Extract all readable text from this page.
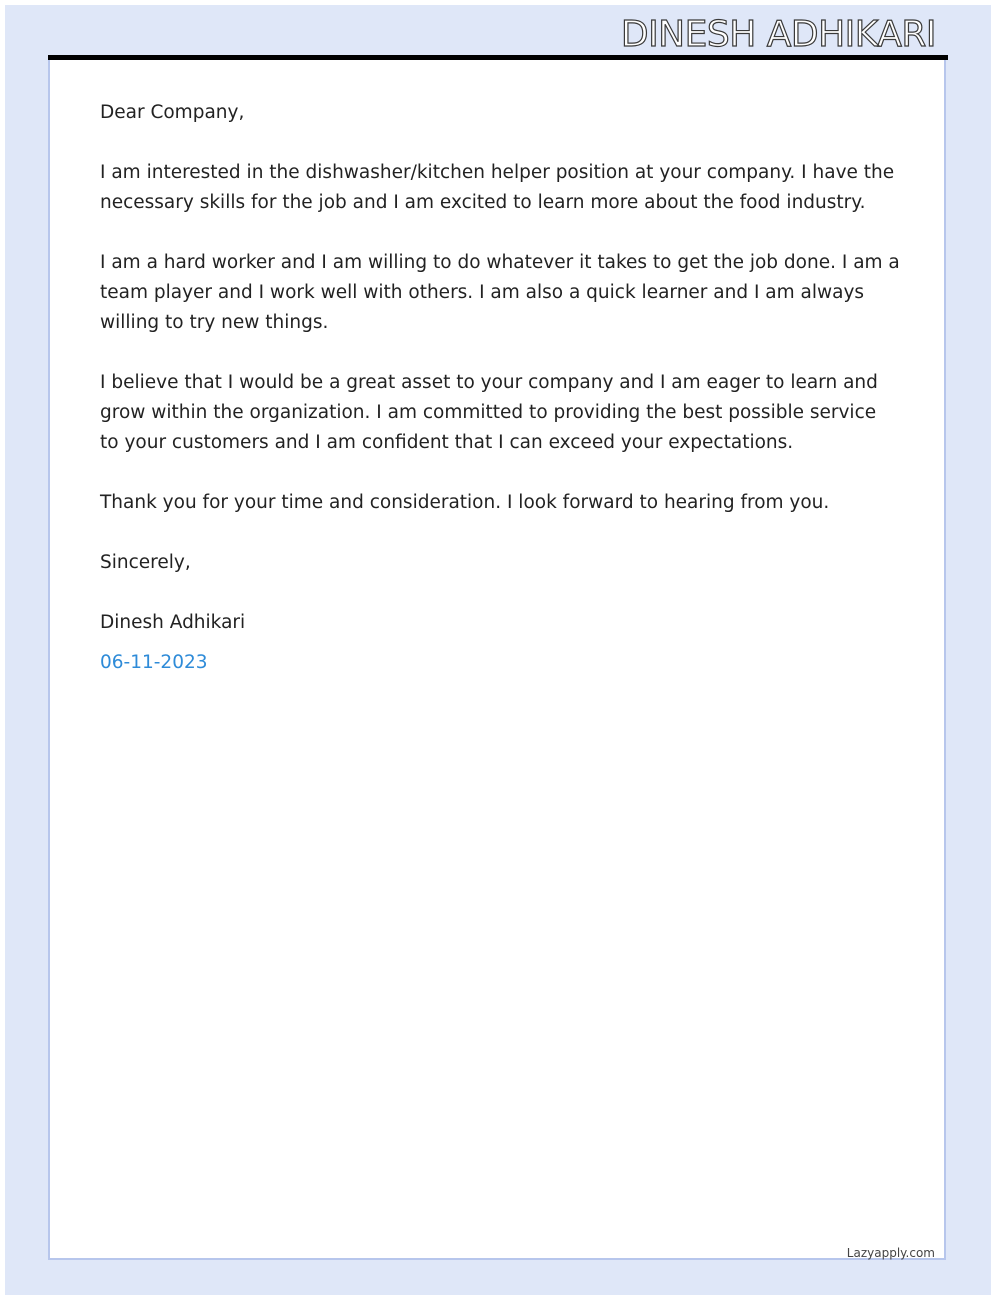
DINESH ADHIKARI

Dear Company,

I am interested in the dishwasher/kitchen helper position at your company. I have the necessary skills for the job and I am excited to learn more about the food industry.

I am a hard worker and I am willing to do whatever it takes to get the job done. I am a team player and I work well with others. I am also a quick learner and I am always willing to try new things.

I believe that I would be a great asset to your company and I am eager to learn and grow within the organization. I am committed to providing the best possible service to your customers and I am confident that I can exceed your expectations.

Thank you for your time and consideration. I look forward to hearing from you.

Sincerely,

Dinesh Adhikari

06-11-2023

Lazyapply.com
